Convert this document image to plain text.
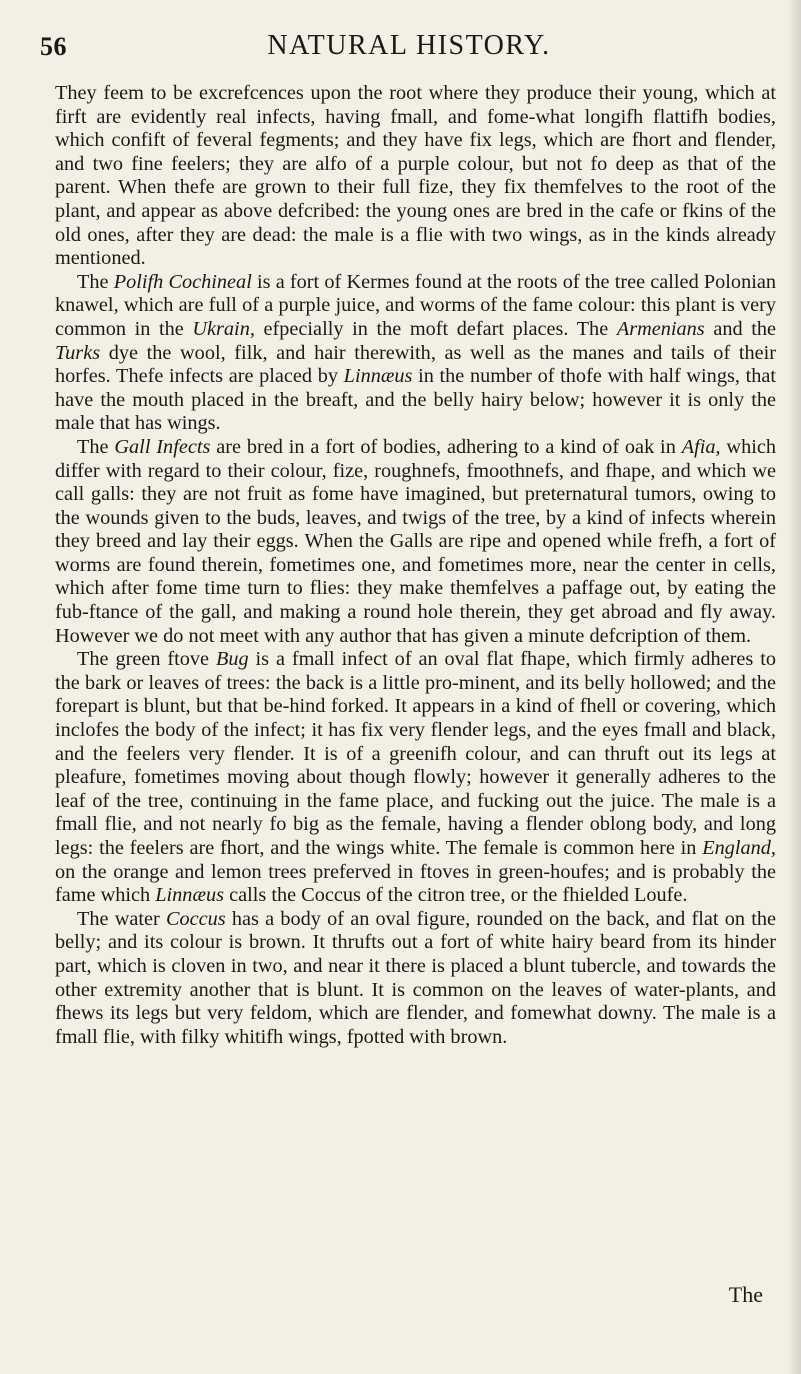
56	NATURAL HISTORY.

They feem to be excrefcences upon the root where they produce their young, which at firft are evidently real infects, having fmall, and fome-what longifh flattifh bodies, which confift of feveral fegments; and they have fix legs, which are fhort and flender, and two fine feelers; they are alfo of a purple colour, but not fo deep as that of the parent. When thefe are grown to their full fize, they fix themfelves to the root of the plant, and appear as above defcribed: the young ones are bred in the cafe or fkins of the old ones, after they are dead: the male is a flie with two wings, as in the kinds already mentioned.

The Polifh Cochineal is a fort of Kermes found at the roots of the tree called Polonian knawel, which are full of a purple juice, and worms of the fame colour: this plant is very common in the Ukrain, efpecially in the moft defart places. The Armenians and the Turks dye the wool, filk, and hair therewith, as well as the manes and tails of their horfes. Thefe infects are placed by Linnæus in the number of thofe with half wings, that have the mouth placed in the breaft, and the belly hairy below; however it is only the male that has wings.

The Gall Infects are bred in a fort of bodies, adhering to a kind of oak in Afia, which differ with regard to their colour, fize, roughnefs, fmoothnefs, and fhape, and which we call galls: they are not fruit as fome have imagined, but preternatural tumors, owing to the wounds given to the buds, leaves, and twigs of the tree, by a kind of infects wherein they breed and lay their eggs. When the Galls are ripe and opened while frefh, a fort of worms are found therein, fometimes one, and fometimes more, near the center in cells, which after fome time turn to flies: they make themfelves a paffage out, by eating the fub-ftance of the gall, and making a round hole therein, they get abroad and fly away. However we do not meet with any author that has given a minute defcription of them.

The green ftove Bug is a fmall infect of an oval flat fhape, which firmly adheres to the bark or leaves of trees: the back is a little pro-minent, and its belly hollowed; and the forepart is blunt, but that be-hind forked. It appears in a kind of fhell or covering, which inclofes the body of the infect; it has fix very flender legs, and the eyes fmall and black, and the feelers very flender. It is of a greenifh colour, and can thruft out its legs at pleafure, fometimes moving about though flowly; however it generally adheres to the leaf of the tree, continuing in the fame place, and fucking out the juice. The male is a fmall flie, and not nearly fo big as the female, having a flender oblong body, and long legs: the feelers are fhort, and the wings white. The female is common here in England, on the orange and lemon trees preferved in ftoves in green-houfes; and is probably the fame which Linnæus calls the Coccus of the citron tree, or the fhielded Loufe.

The water Coccus has a body of an oval figure, rounded on the back, and flat on the belly; and its colour is brown. It thrufts out a fort of white hairy beard from its hinder part, which is cloven in two, and near it there is placed a blunt tubercle, and towards the other extremity another that is blunt. It is common on the leaves of water-plants, and fhews its legs but very feldom, which are flender, and fomewhat downy. The male is a fmall flie, with filky whitifh wings, fpotted with brown.

The
